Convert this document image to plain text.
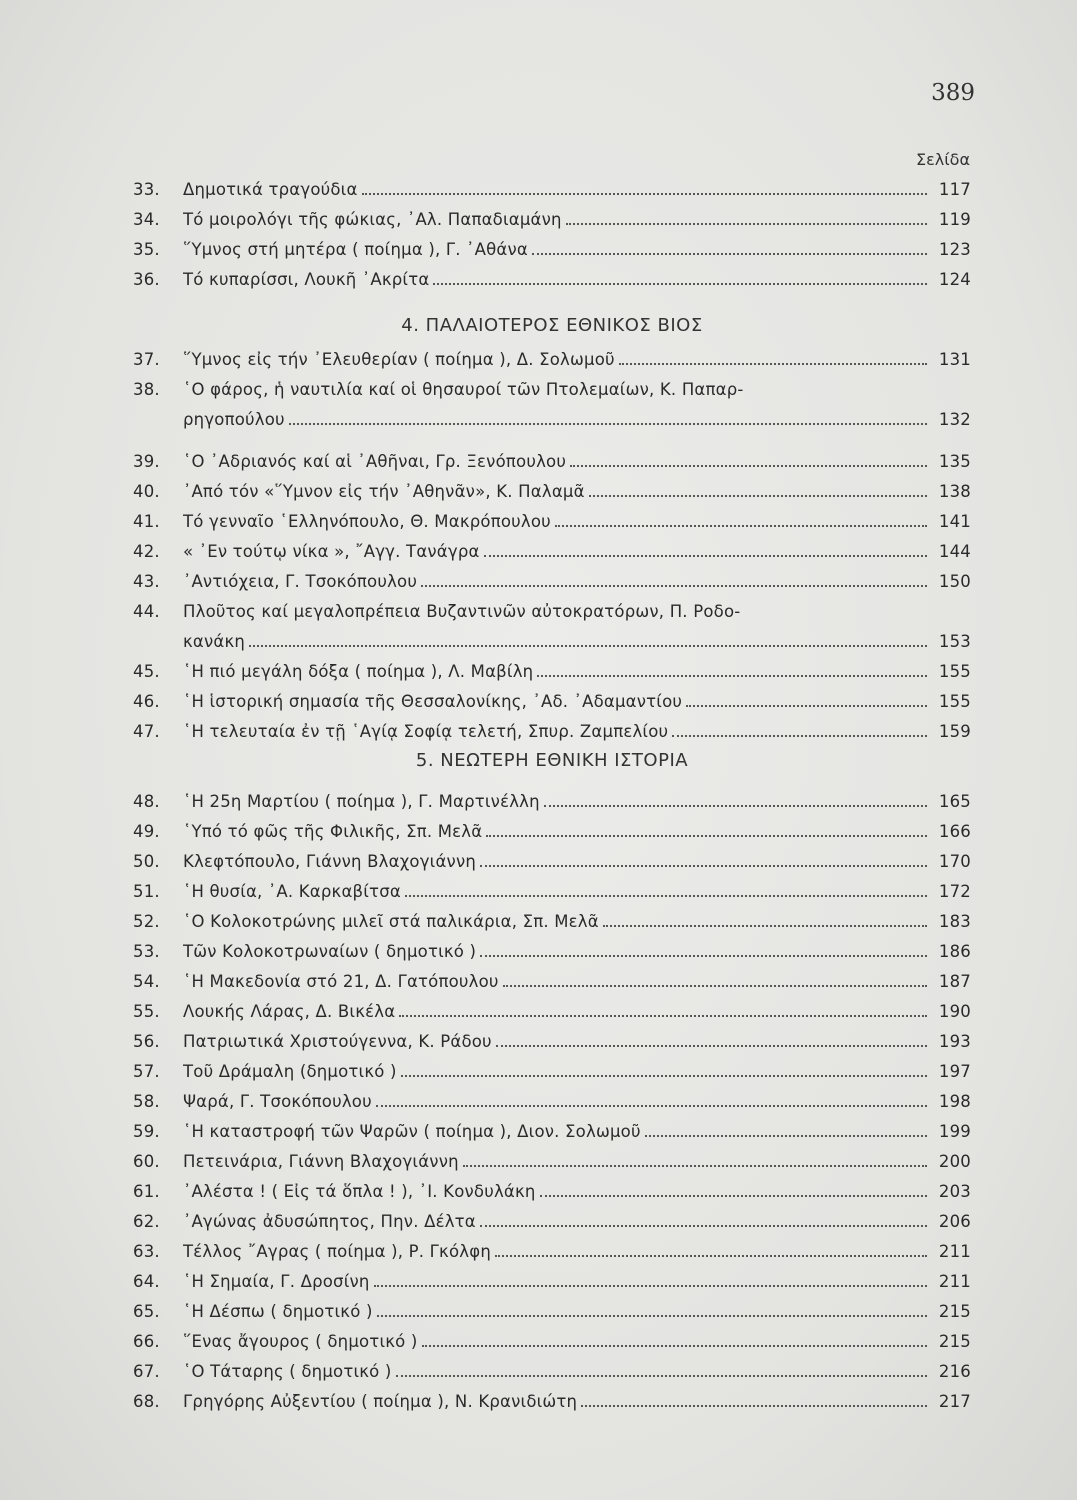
389
Σελίδα
4. ΠΑΛΑΙΟΤΕΡΟΣ ΕΘΝΙΚΟΣ ΒΙΟΣ
5. ΝΕΩΤΕΡΗ ΕΘΝΙΚΗ ΙΣΤΟΡΙΑ
33.	Δημοτικά τραγούδια	117
34.	Τό μοιρολόγι τῆς φώκιας, ᾿Αλ. Παπαδιαμάνη	119
35.	῞Υμνος στή μητέρα ( ποίημα ), Γ. ᾿Αθάνα	123
36.	Τό κυπαρίσσι, Λουκῆ ᾿Ακρίτα	124
37.	῞Υμνος εἰς τήν ᾿Ελευθερίαν ( ποίημα ), Δ. Σολωμοῦ	131
38.	῾Ο φάρος, ἡ ναυτιλία καί οἱ θησαυροί τῶν Πτολεμαίων, Κ. Παπαρ-
ρηγοπούλου	132
39.	῾Ο ᾿Αδριανός καί αἱ ᾿Αθῆναι, Γρ. Ξενόπουλου	135
40.	᾿Από τόν «῞Υμνον εἰς τήν ᾿Αθηνᾶν», Κ. Παλαμᾶ	138
41.	Τό γενναῖο ῾Ελληνόπουλο, Θ. Μακρόπουλου	141
42.	« ᾿Εν τούτῳ νίκα », ῎Αγγ. Τανάγρα	144
43.	᾿Αντιόχεια, Γ. Τσοκόπουλου	150
44.	Πλοῦτος καί μεγαλοπρέπεια Βυζαντινῶν αὐτοκρατόρων, Π. Ροδο-
κανάκη	153
45.	῾Η πιό μεγάλη δόξα ( ποίημα ), Λ. Μαβίλη	155
46.	῾Η ἱστορική σημασία τῆς Θεσσαλονίκης, ᾿Αδ. ᾿Αδαμαντίου	155
47.	῾Η τελευταία ἐν τῇ ῾Αγίᾳ Σοφίᾳ τελετή, Σπυρ. Ζαμπελίου	159
48.	῾Η 25η Μαρτίου ( ποίημα ), Γ. Μαρτινέλλη	165
49.	῾Υπό τό φῶς τῆς Φιλικῆς, Σπ. Μελᾶ	166
50.	Κλεφτόπουλο, Γιάννη Βλαχογιάννη	170
51.	῾Η θυσία, ᾿Α. Καρκαβίτσα	172
52.	῾Ο Κολοκοτρώνης μιλεῖ στά παλικάρια, Σπ. Μελᾶ	183
53.	Τῶν Κολοκοτρωναίων ( δημοτικό )	186
54.	῾Η Μακεδονία στό 21, Δ. Γατόπουλου	187
55.	Λουκής Λάρας, Δ. Βικέλα	190
56.	Πατριωτικά Χριστούγεννα, Κ. Ράδου	193
57.	Τοῦ Δράμαλη (δημοτικό )	197
58.	Ψαρά, Γ. Τσοκόπουλου	198
59.	῾Η καταστροφή τῶν Ψαρῶν ( ποίημα ), Διον. Σολωμοῦ	199
60.	Πετεινάρια, Γιάννη Βλαχογιάννη	200
61.	᾿Αλέστα ! ( Εἰς τά ὅπλα ! ), ᾿Ι. Κονδυλάκη	203
62.	᾿Αγώνας ἀδυσώπητος, Πην. Δέλτα	206
63.	Τέλλος ῎Αγρας ( ποίημα ), Ρ. Γκόλφη	211
64.	῾Η Σημαία, Γ. Δροσίνη	211
65.	῾Η Δέσπω ( δημοτικό )	215
66.	῞Ενας ἄγουρος ( δημοτικό )	215
67.	῾Ο Τάταρης ( δημοτικό )	216
68.	Γρηγόρης Αὐξεντίου ( ποίημα ), Ν. Κρανιδιώτη	217
